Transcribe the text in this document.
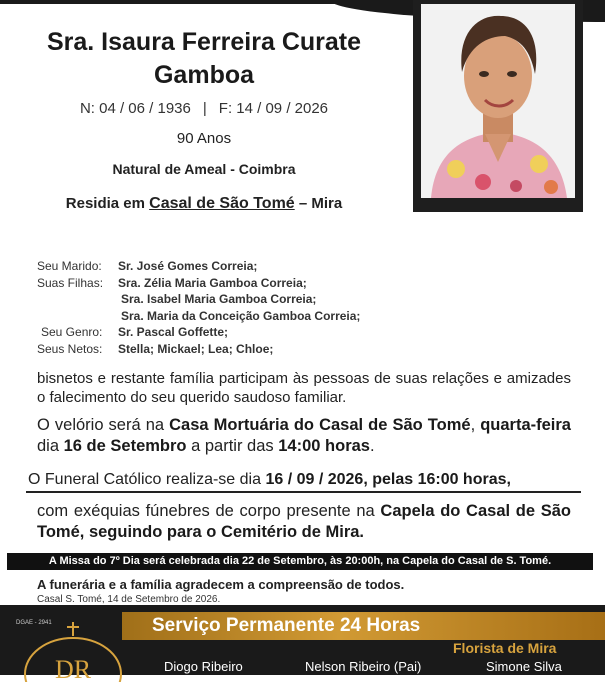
Sra. Isaura Ferreira Curate Gamboa
N: 04 / 06 / 1936 | F: 14 / 09 / 2026
90 Anos
Natural de Ameal - Coimbra
Residia em Casal de São Tomé – Mira
Seu Marido:	Sr. José Gomes Correia;
Suas Filhas:	Sra. Zélia Maria Gamboa Correia;
Sra. Isabel Maria Gamboa Correia;
Sra. Maria da Conceição Gamboa Correia;
Seu Genro:	Sr. Pascal Goffette;
Seus Netos:	Stella; Mickael; Lea; Chloe;
bisnetos e restante família participam às pessoas de suas relações e amizades o falecimento do seu querido saudoso familiar.
O velório será na Casa Mortuária do Casal de São Tomé, quarta-feira dia 16 de Setembro a partir das 14:00 horas.
O Funeral Católico realiza-se dia 16 / 09 / 2026, pelas 16:00 horas,
com exéquias fúnebres de corpo presente na Capela do Casal de São Tomé, seguindo para o Cemitério de Mira.
A Missa do 7º Dia será celebrada dia 22 de Setembro, às 20:00h, na Capela do Casal de S. Tomé.
A funerária e a família agradecem a compreensão de todos.
Casal S. Tomé, 14 de Setembro de 2026.
Serviço Permanente 24 Horas
DGAE - 2941
DR
Florista de Mira
Diogo Ribeiro	Nelson Ribeiro (Pai)	Simone Silva
